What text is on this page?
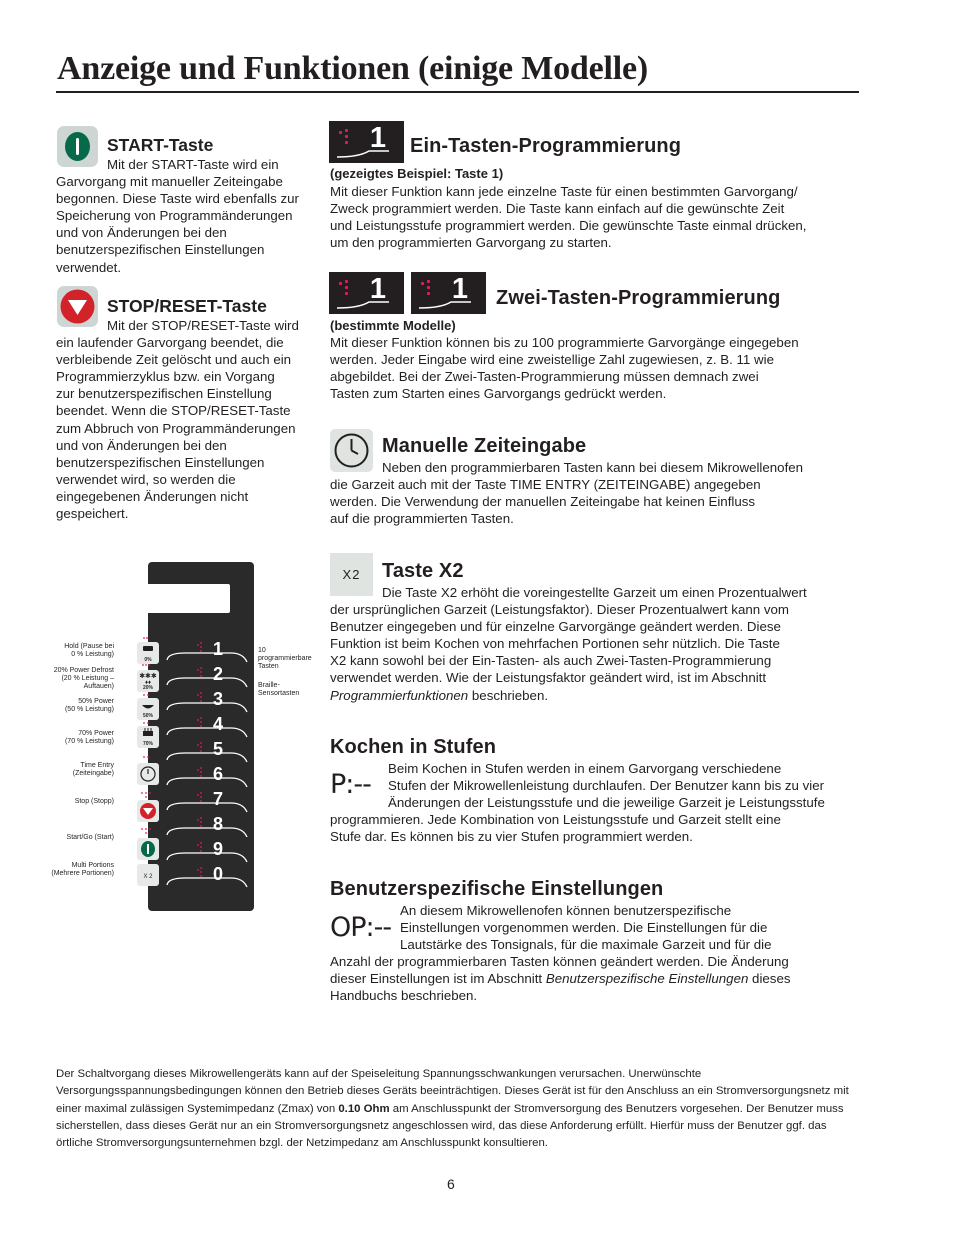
Anzeige und Funktionen (einige Modelle)
START-Taste
Mit der START-Taste wird ein
Garvorgang mit manueller Zeiteingabe
begonnen. Diese Taste wird ebenfalls zur
Speicherung von Programmänderungen
und von Änderungen bei den
benutzerspezifischen Einstellungen
verwendet.
STOP/RESET-Taste
Mit der STOP/RESET-Taste wird
ein laufender Garvorgang beendet, die
verbleibende Zeit gelöscht und auch ein
Programmierzyklus bzw. ein Vorgang
zur benutzerspezifischen Einstellung
beendet. Wenn die STOP/RESET-Taste
zum Abbruch von Programmänderungen
und von Änderungen bei den
benutzerspezifischen Einstellungen
verwendet wird, so werden die
eingegebenen Änderungen nicht
gespeichert.
1 Ein-Tasten-Programmierung
(gezeigtes Beispiel: Taste 1)
Mit dieser Funktion kann jede einzelne Taste für einen bestimmten Garvorgang/
Zweck programmiert werden. Die Taste kann einfach auf die gewünschte Zeit
und Leistungsstufe programmiert werden. Die gewünschte Taste einmal drücken,
um den programmierten Garvorgang zu starten.
1 1 Zwei-Tasten-Programmierung
(bestimmte Modelle)
Mit dieser Funktion können bis zu 100 programmierte Garvorgänge eingegeben
werden. Jeder Eingabe wird eine zweistellige Zahl zugewiesen, z. B. 11 wie
abgebildet. Bei der Zwei-Tasten-Programmierung müssen demnach zwei
Tasten zum Starten eines Garvorgangs gedrückt werden.
Manuelle Zeiteingabe
Neben den programmierbaren Tasten kann bei diesem Mikrowellenofen
die Garzeit auch mit der Taste TIME ENTRY (ZEITEINGABE) angegeben
werden. Die Verwendung der manuellen Zeiteingabe hat keinen Einfluss
auf die programmierten Tasten.
X2	Taste X2
Die Taste X2 erhöht die voreingestellte Garzeit um einen Prozentualwert
der ursprünglichen Garzeit (Leistungsfaktor). Dieser Prozentualwert kann vom
Benutzer eingegeben und für einzelne Garvorgänge geändert werden. Diese
Funktion ist beim Kochen von mehrfachen Portionen sehr nützlich. Die Taste
X2 kann sowohl bei der Ein-Tasten- als auch Zwei-Tasten-Programmierung
verwendet werden. Wie der Leistungsfaktor geändert wird, ist im Abschnitt
Programmierfunktionen beschrieben.
Kochen in Stufen
P:--
Beim Kochen in Stufen werden in einem Garvorgang verschiedene
Stufen der Mikrowellenleistung durchlaufen. Der Benutzer kann bis zu vier
Änderungen der Leistungsstufe und die jeweilige Garzeit je Leistungsstufe
programmieren. Jede Kombination von Leistungsstufe und Garzeit stellt eine
Stufe dar. Es können bis zu vier Stufen programmiert werden.
Benutzerspezifische Einstellungen
OP:--
An diesem Mikrowellenofen können benutzerspezifische
Einstellungen vorgenommen werden. Die Einstellungen für die
Lautstärke des Tonsignals, für die maximale Garzeit und für die
Anzahl der programmierbaren Tasten können geändert werden. Die Änderung
dieser Einstellungen ist im Abschnitt Benutzerspezifische Einstellungen dieses
Handbuchs beschrieben.
0%
✱✱✱
♦♦
20%
50%
70%
X 2
1
2
3
4
5
6
7
8
9
0
Hold (Pause bei
0 % Leistung)
20% Power Defrost
(20 % Leistung –
Auftauen)
50% Power
(50 % Leistung)
70% Power
(70 % Leistung)
Time Entry
(Zeiteingabe)
Stop (Stopp)
Start/Go (Start)
Multi Portions
(Mehrere Portionen)
10
programmierbare
Tasten
Braille-
Sensortasten
Der Schaltvorgang dieses Mikrowellengeräts kann auf der Speiseleitung Spannungsschwankungen verursachen. Unerwünschte Versorgungsspannungsbedingungen können den Betrieb dieses Geräts beeinträchtigen. Dieses Gerät ist für den Anschluss an ein Stromversorgungsnetz mit einer maximal zulässigen Systemimpedanz (Zmax) von 0.10 Ohm am Anschlusspunkt der Stromversorgung des Benutzers vorgesehen. Der Benutzer muss sicherstellen, dass dieses Gerät nur an ein Stromversorgungsnetz angeschlossen wird, das diese Anforderung erfüllt. Hierfür muss der Benutzer ggf. das örtliche Stromversorgungsunternehmen bzgl. der Netzimpedanz am Anschlusspunkt konsultieren.
6
